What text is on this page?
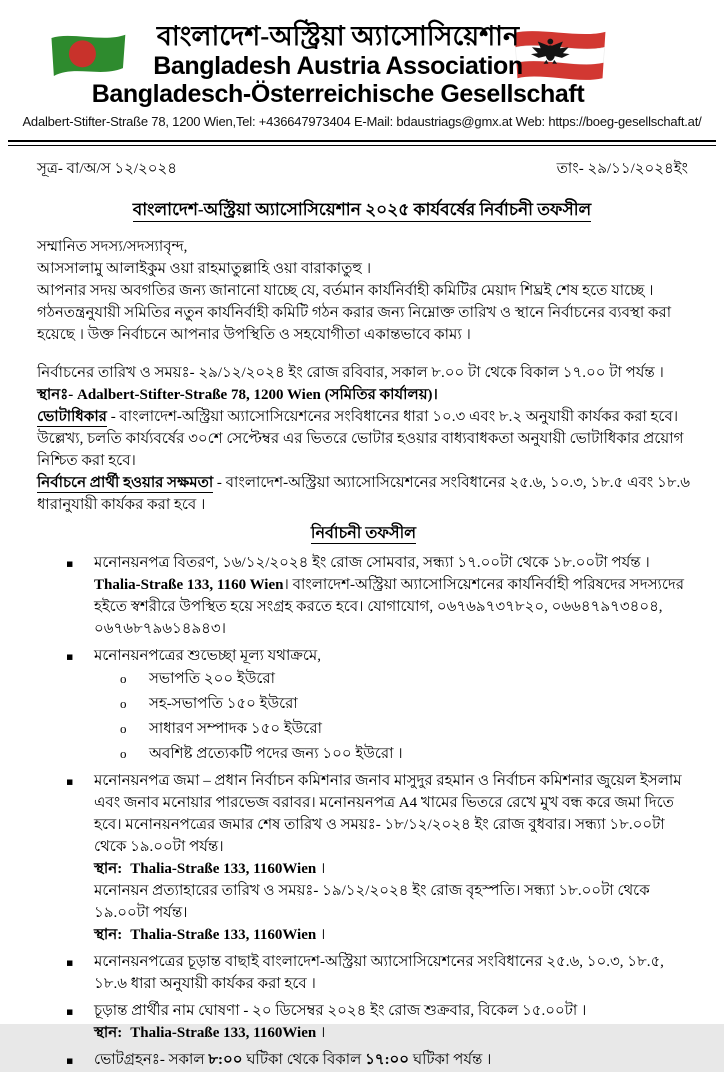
বাংলাদেশ-অস্ট্রিয়া অ্যাসোসিয়েশান
Bangladesh Austria Association
Bangladesch-Österreichische Gesellschaft
Adalbert-Stifter-Straße 78, 1200 Wien,Tel: +436647973404 E-Mail: bdaustriags@gmx.at Web: https://boeg-gesellschaft.at/
সূত্র- বা/অ/স ১২/২০২৪	তাং- ২৯/১১/২০২৪ইং
বাংলাদেশ-অস্ট্রিয়া অ্যাসোসিয়েশান ২০২৫ কার্যবর্ষের নির্বাচনী তফসীল

সম্মানিত সদস্য/সদস্যাবৃন্দ,

আসসালামু আলাইকুম ওয়া রাহমাতুল্লাহি ওয়া বারাকাতুহু ।

আপনার সদয় অবগতির জন্য জানানো যাচ্ছে যে, বর্তমান কার্যনির্বাহী কমিটির মেয়াদ শিঘ্রই শেষ হতে যাচ্ছে । গঠনতন্ত্রনুযায়ী সমিতির নতুন কার্যনির্বাহী কমিটি গঠন করার জন্য নিম্নোক্ত তারিখ ও স্থানে নির্বাচনের ব্যবস্থা করা হয়েছে । উক্ত নির্বাচনে আপনার উপস্থিতি ও সহযোগীতা একান্তভাবে কাম্য ।

নির্বাচনের তারিখ ও সময়ঃ- ২৯/১২/২০২৪ ইং রোজ রবিবার, সকাল ৮.০০ টা থেকে বিকাল ১৭.০০ টা পর্যন্ত ।

স্থানঃ- Adalbert-Stifter-Straße 78, 1200 Wien (সমিতির কার্যালয়)।

ভোটাধিকার - বাংলাদেশ-অস্ট্রিয়া অ্যাসোসিয়েশনের সংবিধানের ধারা ১০.৩ এবং ৮.২ অনুযায়ী কার্যকর করা হবে। উল্লেখ্য, চলতি কার্য্যবর্ষের ৩০শে সেপ্টেম্বর এর ভিতরে ভোটার হওয়ার বাধ্যবাধকতা অনুযায়ী ভোটাধিকার প্রয়োগ নিশ্চিত করা হবে।

নির্বাচনে প্রার্থী হওয়ার সক্ষমতা - বাংলাদেশ-অস্ট্রিয়া অ্যাসোসিয়েশনের সংবিধানের ২৫.৬, ১০.৩, ১৮.৫ এবং ১৮.৬ ধারানুযায়ী কার্যকর করা হবে ।

নির্বাচনী তফসীল
▪ মনোনয়নপত্র বিতরণ, ১৬/১২/২০২৪ ইং রোজ সোমবার, সন্ধ্যা ১৭.০০টা থেকে ১৮.০০টা পর্যন্ত ।
Thalia-Straße 133, 1160 Wien। বাংলাদেশ-অস্ট্রিয়া অ্যাসোসিয়েশনের কার্যনির্বাহী পরিষদের সদস্যদের হইতে স্বশরীরে উপস্থিত হয়ে সংগ্রহ করতে হবে। যোগাযোগ, ০৬৭৬৯৭৩৭৮২০, ০৬৬৪৭৯৭৩৪০৪, ০৬৭৬৮৭৯৬১৪৯৪৩।
▪ মনোনয়নপত্রের শুভেচ্ছা মূল্য যথাক্রমে,
o সভাপতি ২০০ ইউরো
o সহ-সভাপতি ১৫০ ইউরো
o সাধারণ সম্পাদক ১৫০ ইউরো
o অবশিষ্ট প্রত্যেকটি পদের জন্য ১০০ ইউরো ।
▪ মনোনয়নপত্র জমা – প্রধান নির্বাচন কমিশনার জনাব মাসুদুর রহমান ও নির্বাচন কমিশনার জুয়েল ইসলাম এবং জনাব মনোয়ার পারভেজ বরাবর। মনোনয়নপত্র A4 খামের ভিতরে রেখে মুখ বন্ধ করে জমা দিতে হবে। মনোনয়নপত্রের জমার শেষ তারিখ ও সময়ঃ- ১৮/১২/২০২৪ ইং রোজ বুধবার। সন্ধ্যা ১৮.০০টা থেকে ১৯.০০টা পর্যন্ত।

স্থান: Thalia-Straße 133, 1160Wien ।

মনোনয়ন প্রত্যাহারের তারিখ ও সময়ঃ- ১৯/১২/২০২৪ ইং রোজ বৃহস্পতি। সন্ধ্যা ১৮.০০টা থেকে ১৯.০০টা পর্যন্ত।

স্থান: Thalia-Straße 133, 1160Wien ।

▪ মনোনয়নপত্রের চূড়ান্ত বাছাই বাংলাদেশ-অস্ট্রিয়া অ্যাসোসিয়েশনের সংবিধানের ২৫.৬, ১০.৩, ১৮.৫, ১৮.৬ ধারা অনুযায়ী কার্যকর করা হবে ।
▪ চূড়ান্ত প্রার্থীর নাম ঘোষণা - ২০ ডিসেম্বর ২০২৪ ইং রোজ শুক্রবার, বিকেল ১৫.০০টা ।

স্থান: Thalia-Straße 133, 1160Wien ।

▪ ভোটগ্রহনঃ- সকাল ৮:০০ ঘটিকা থেকে বিকাল ১৭:০০ ঘটিকা পর্যন্ত ।
